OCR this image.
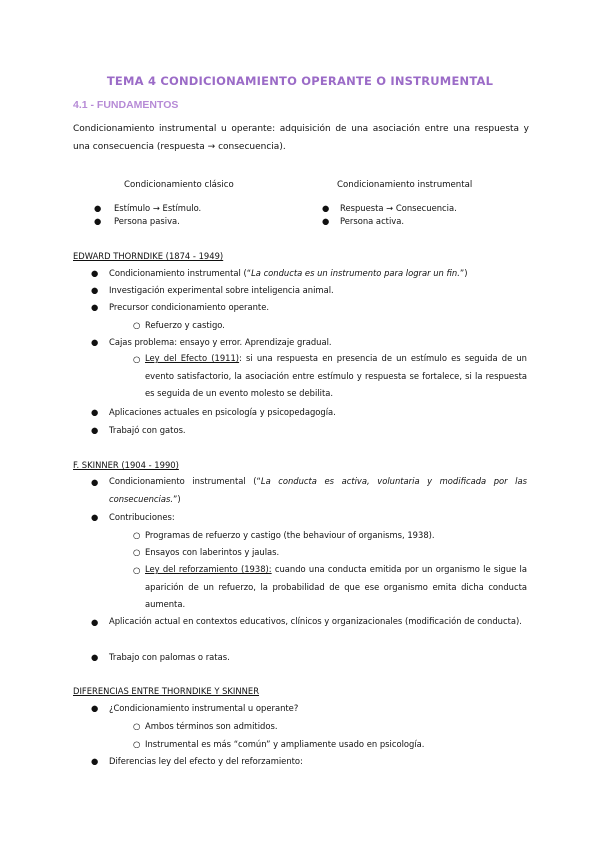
TEMA 4 CONDICIONAMIENTO OPERANTE O INSTRUMENTAL
4.1 - FUNDAMENTOS
Condicionamiento instrumental u operante: adquisición de una asociación entre una respuesta y una consecuencia (respuesta → consecuencia).
Condicionamiento clásico	Condicionamiento instrumental
● Estímulo → Estímulo.
● Persona pasiva.
● Respuesta → Consecuencia.
● Persona activa.
EDWARD THORNDIKE (1874 - 1949)
● Condicionamiento instrumental (“La conducta es un instrumento para lograr un fin.”)
● Investigación experimental sobre inteligencia animal.
● Precursor condicionamiento operante.
○ Refuerzo y castigo.
● Cajas problema: ensayo y error. Aprendizaje gradual.
○ Ley del Efecto (1911): si una respuesta en presencia de un estímulo es seguida de un evento satisfactorio, la asociación entre estímulo y respuesta se fortalece, si la respuesta es seguida de un evento molesto se debilita.
● Aplicaciones actuales en psicología y psicopedagogía.
● Trabajó con gatos.
F. SKINNER (1904 - 1990)
● Condicionamiento instrumental (“La conducta es activa, voluntaria y modificada por las consecuencias.”)
● Contribuciones:
○ Programas de refuerzo y castigo (the behaviour of organisms, 1938).
○ Ensayos con laberintos y jaulas.
○ Ley del reforzamiento (1938): cuando una conducta emitida por un organismo le sigue la aparición de un refuerzo, la probabilidad de que ese organismo emita dicha conducta aumenta.
● Aplicación actual en contextos educativos, clínicos y organizacionales (modificación de conducta).
● Trabajo con palomas o ratas.
DIFERENCIAS ENTRE THORNDIKE Y SKINNER
● ¿Condicionamiento instrumental u operante?
○ Ambos términos son admitidos.
○ Instrumental es más “común” y ampliamente usado en psicología.
● Diferencias ley del efecto y del reforzamiento:
